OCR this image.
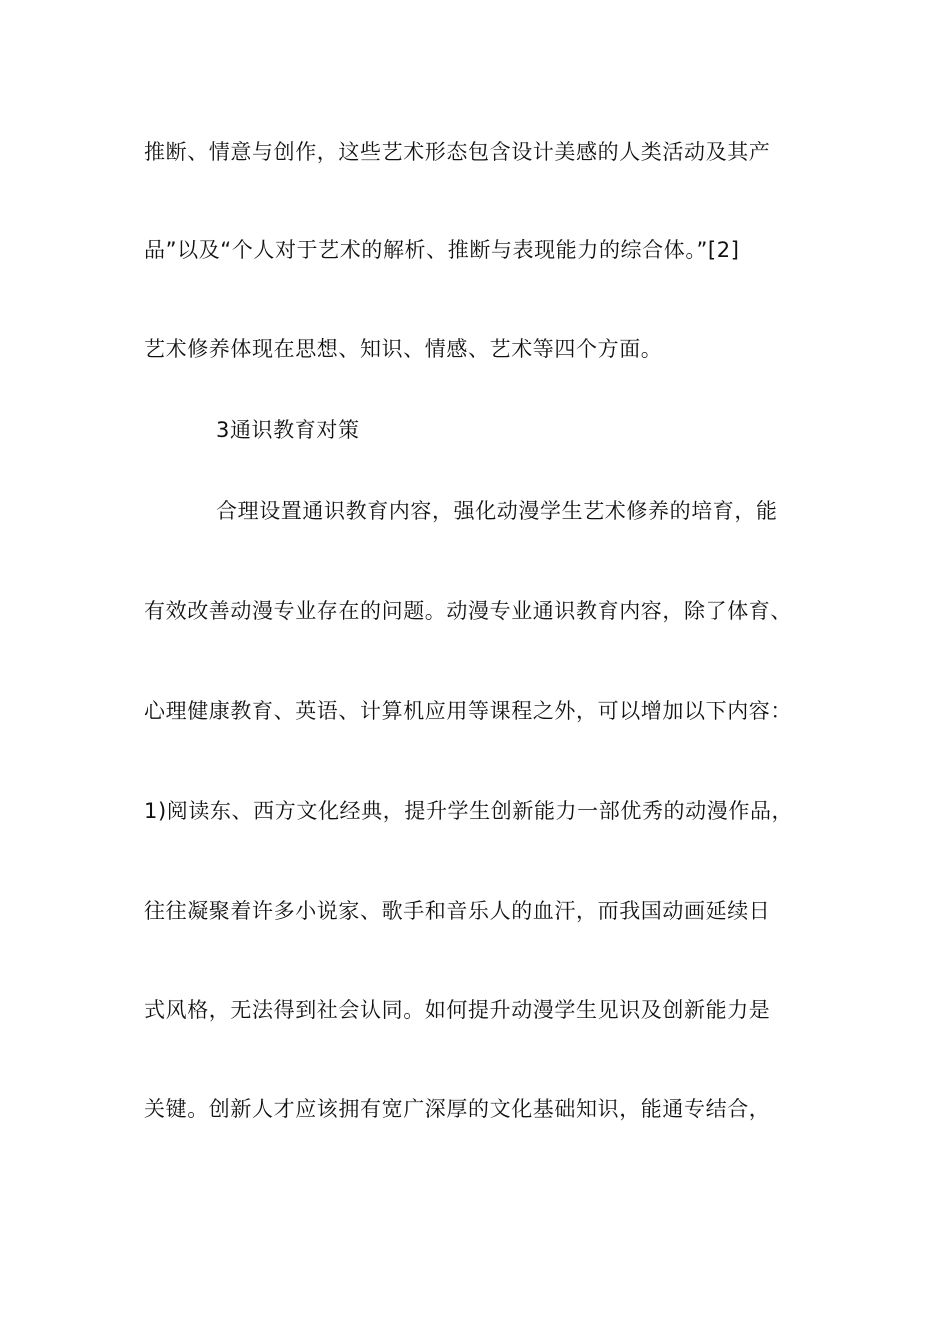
推断、情意与创作，这些艺术形态包含设计美感的人类活动及其产
品”以及“个人对于艺术的解析、推断与表现能力的综合体。”[2]
艺术修养体现在思想、知识、情感、艺术等四个方面。
3通识教育对策
合理设置通识教育内容，强化动漫学生艺术修养的培育，能
有效改善动漫专业存在的问题。动漫专业通识教育内容，除了体育、
心理健康教育、英语、计算机应用等课程之外，可以增加以下内容：
1)阅读东、西方文化经典，提升学生创新能力一部优秀的动漫作品，
往往凝聚着许多小说家、歌手和音乐人的血汗，而我国动画延续日
式风格，无法得到社会认同。如何提升动漫学生见识及创新能力是
关键。创新人才应该拥有宽广深厚的文化基础知识，能通专结合，
